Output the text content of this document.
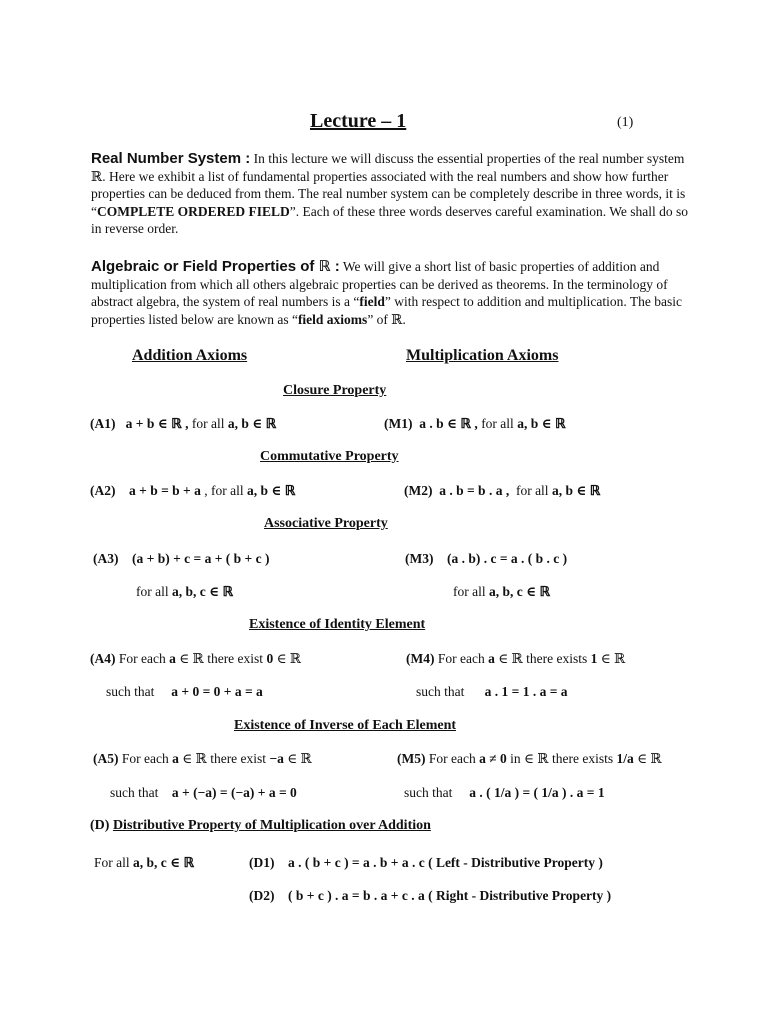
Lecture – 1	(1)
Real Number System : In this lecture we will discuss the essential properties of the real number system ℝ. Here we exhibit a list of fundamental properties associated with the real numbers and show how further properties can be deduced from them. The real number system can be completely describe in three words, it is “COMPLETE ORDERED FIELD”. Each of these three words deserves careful examination. We shall do so in reverse order.
Algebraic or Field Properties of ℝ : We will give a short list of basic properties of addition and multiplication from which all others algebraic properties can be derived as theorems. In the terminology of abstract algebra, the system of real numbers is a “field” with respect to addition and multiplication. The basic properties listed below are known as “field axioms” of ℝ.
Addition Axioms	Multiplication Axioms
Closure Property
(A1) a + b ∈ ℝ , for all a, b ∈ ℝ	(M1) a . b ∈ ℝ , for all a, b ∈ ℝ
Commutative Property
(A2) a + b = b + a , for all a, b ∈ ℝ	(M2) a . b = b . a , for all a, b ∈ ℝ
Associative Property
(A3) (a + b) + c = a + ( b + c )
for all a, b, c ∈ ℝ
(M3) (a . b) . c = a . ( b . c )
for all a, b, c ∈ ℝ
Existence of Identity Element
(A4) For each a ∈ ℝ there exist 0 ∈ ℝ
such that a + 0 = 0 + a = a
(M4) For each a ∈ ℝ there exists 1 ∈ ℝ
such that a . 1 = 1 . a = a
Existence of Inverse of Each Element
(A5) For each a ∈ ℝ there exist −a ∈ ℝ
such that a + (−a) = (−a) + a = 0
(M5) For each a ≠ 0 in ∈ ℝ there exists 1/a ∈ ℝ
such that a . ( 1/a ) = ( 1/a ) . a = 1
(D) Distributive Property of Multiplication over Addition
For all a, b, c ∈ ℝ	(D1) a . ( b + c ) = a . b + a . c ( Left - Distributive Property )
(D2) ( b + c ) . a = b . a + c . a ( Right - Distributive Property )
